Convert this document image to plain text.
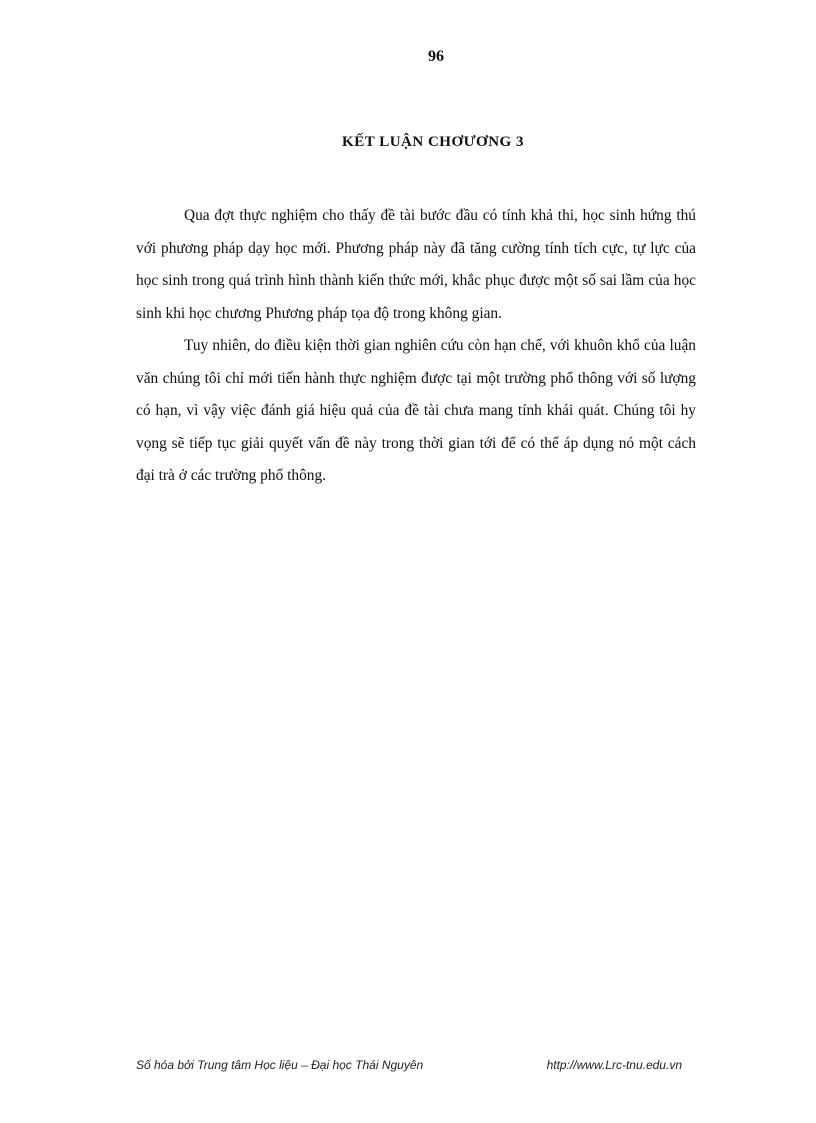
96
KẾT LUẬN CHƠƯƠNG 3

Qua đợt thực nghiệm cho thấy đề tài bước đầu có tính khả thi, học sinh hứng thú với phương pháp dạy học mới. Phương pháp này đã tăng cường tính tích cực, tự lực của học sinh trong quá trình hình thành kiến thức mới, khắc phục được một số sai lầm của học sinh khi học chương Phương pháp tọa độ trong không gian.

Tuy nhiên, do điều kiện thời gian nghiên cứu còn hạn chế, với khuôn khổ của luận văn chúng tôi chỉ mới tiến hành thực nghiệm được tại một trường phổ thông với số lượng có hạn, vì vậy việc đánh giá hiệu quả của đề tài chưa mang tính khái quát. Chúng tôi hy vọng sẽ tiếp tục giải quyết vấn đề này trong thời gian tới để có thể áp dụng nó một cách đại trà ở các trường phổ thông.

Số hóa bởi Trung tâm Học liệu – Đại học Thái Nguyên	http://www.Lrc-tnu.edu.vn
